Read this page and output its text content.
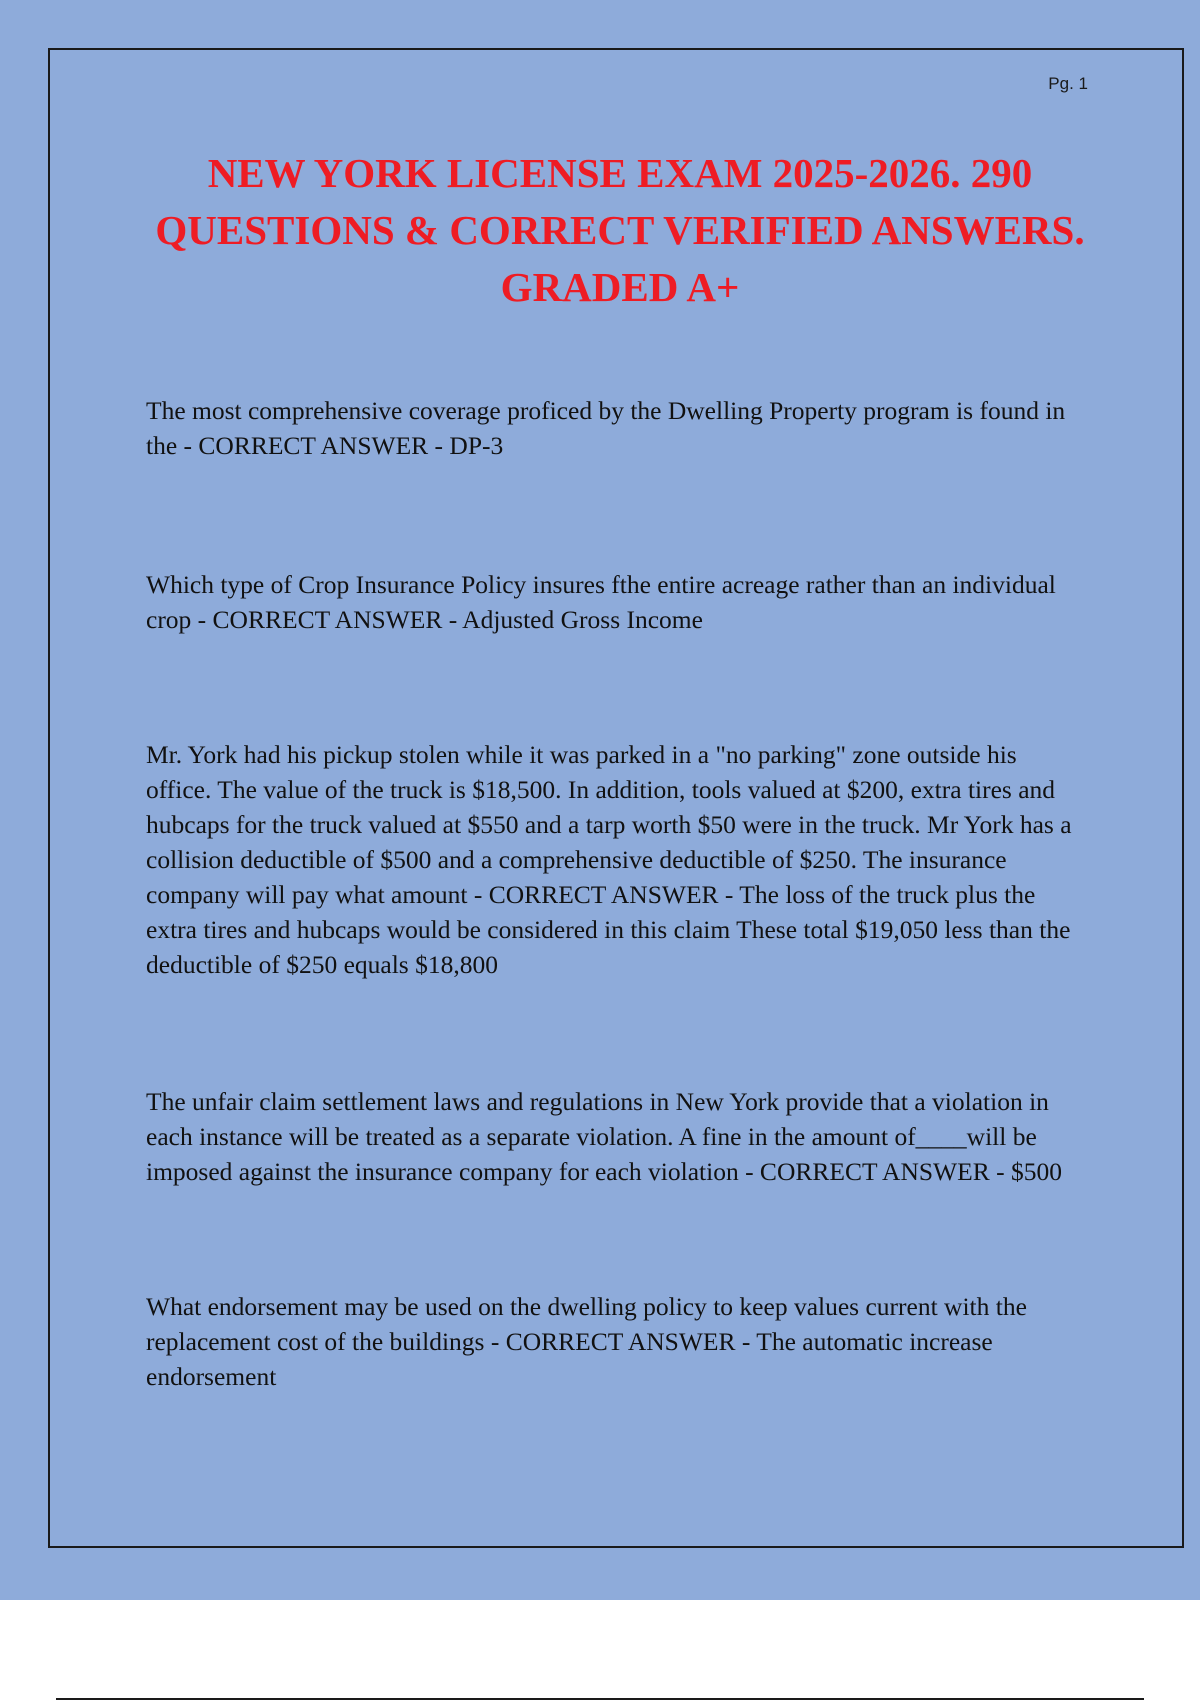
Pg. 1
NEW YORK LICENSE EXAM 2025-2026. 290 QUESTIONS & CORRECT VERIFIED ANSWERS. GRADED A+

The most comprehensive coverage proficed by the Dwelling Property program is found in the - CORRECT ANSWER - DP-3

Which type of Crop Insurance Policy insures fthe entire acreage rather than an individual crop - CORRECT ANSWER - Adjusted Gross Income

Mr. York had his pickup stolen while it was parked in a "no parking" zone outside his office. The value of the truck is $18,500. In addition, tools valued at $200, extra tires and hubcaps for the truck valued at $550 and a tarp worth $50 were in the truck. Mr York has a collision deductible of $500 and a comprehensive deductible of $250. The insurance company will pay what amount - CORRECT ANSWER - The loss of the truck plus the extra tires and hubcaps would be considered in this claim These total $19,050 less than the deductible of $250 equals $18,800

The unfair claim settlement laws and regulations in New York provide that a violation in each instance will be treated as a separate violation. A fine in the amount of____will be imposed against the insurance company for each violation - CORRECT ANSWER - $500

What endorsement may be used on the dwelling policy to keep values current with the replacement cost of the buildings - CORRECT ANSWER - The automatic increase endorsement
